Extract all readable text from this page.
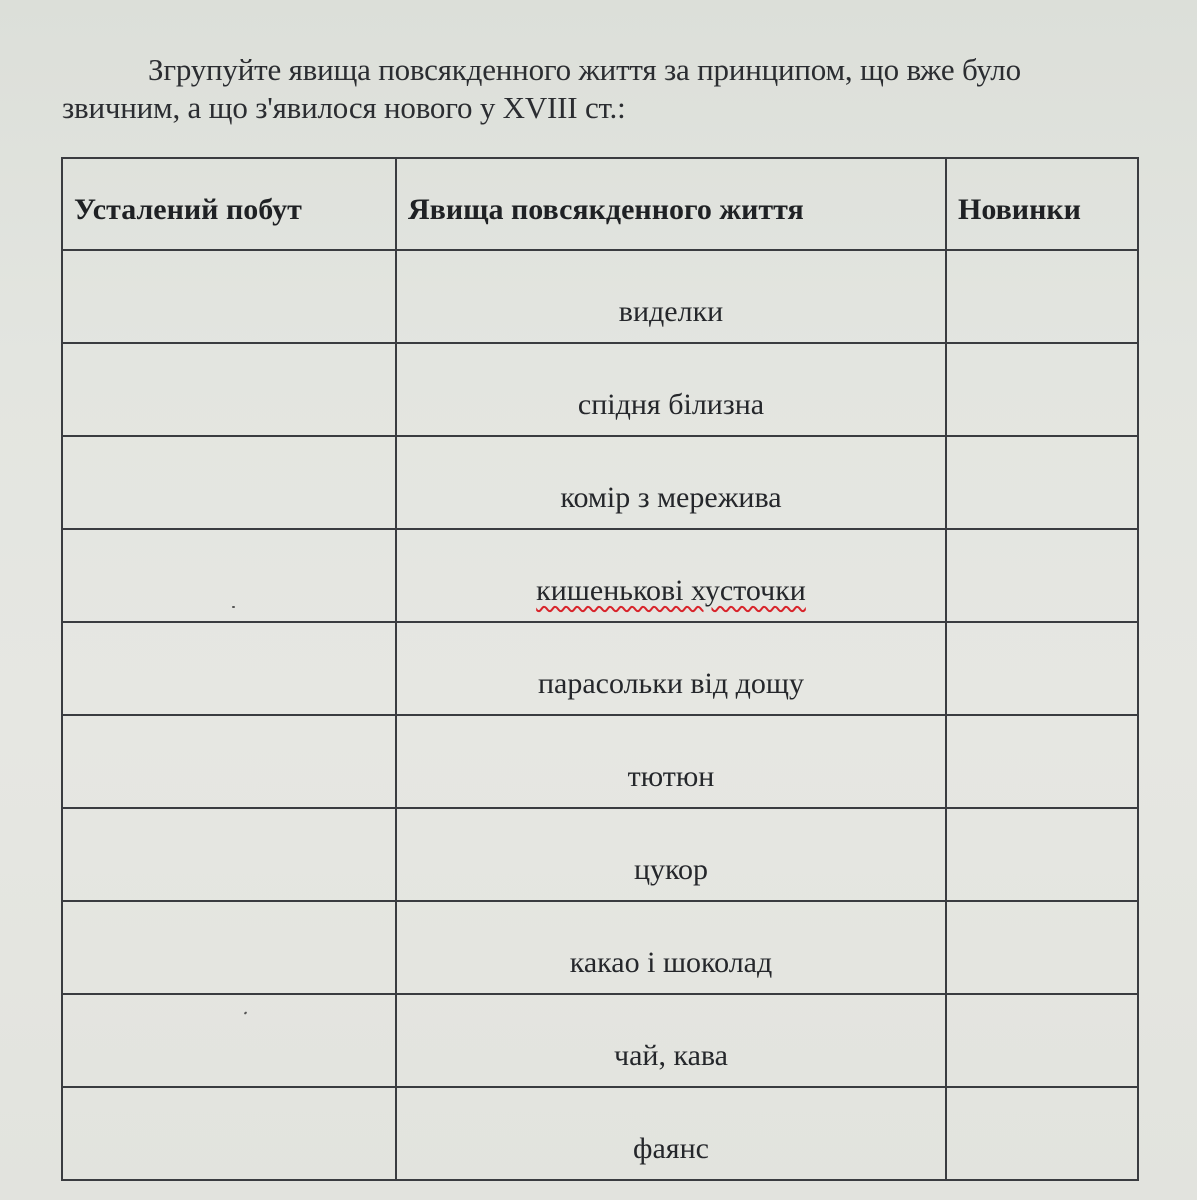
Згрупуйте явища повсякденного життя за принципом, що вже було звичним, а що з'явилося нового у XVIII ст.:

Усталений побут	Явища повсякденного життя	Новинки
	виделки	
	спідня білизна	
	комір з мережива	
	кишенькові хусточки	
	парасольки від дощу	
	тютюн	
	цукор	
	какао і шоколад	
	чай, кава	
	фаянс	
